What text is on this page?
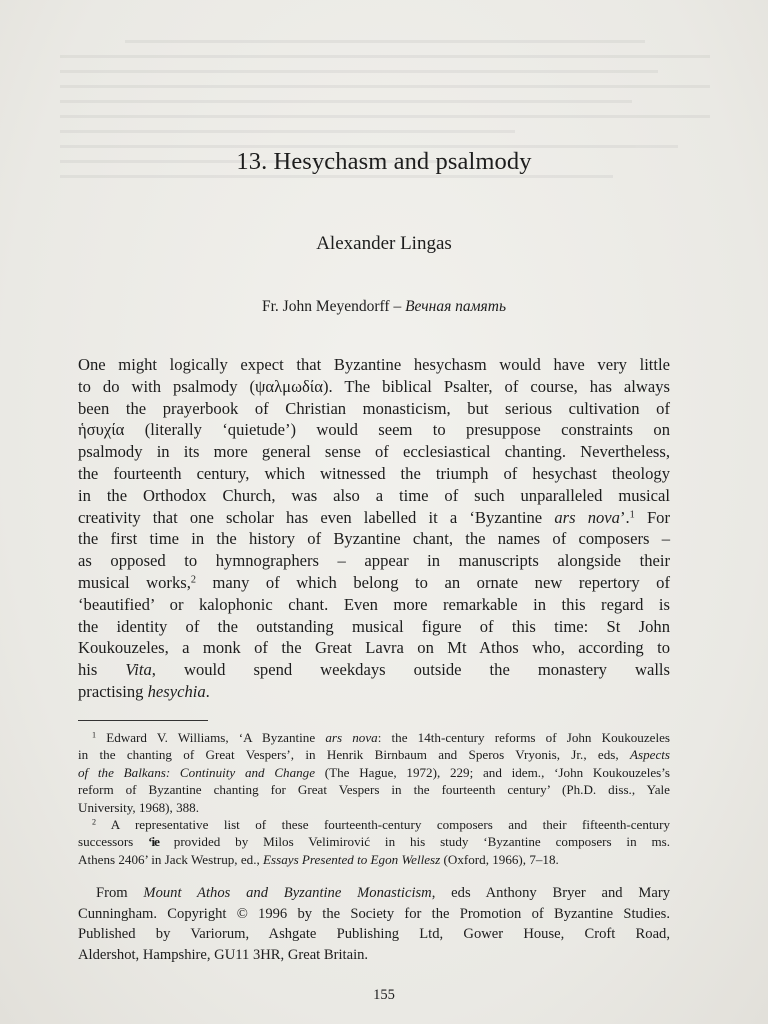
13. Hesychasm and psalmody
Alexander Lingas
Fr. John Meyendorff – Вечная память
One might logically expect that Byzantine hesychasm would have very little
to do with psalmody (ψαλμωδία). The biblical Psalter, of course, has always
been the prayerbook of Christian monasticism, but serious cultivation of
ἡσυχία (literally ‘quietude’) would seem to presuppose constraints on
psalmody in its more general sense of ecclesiastical chanting. Nevertheless,
the fourteenth century, which witnessed the triumph of hesychast theology
in the Orthodox Church, was also a time of such unparalleled musical
creativity that one scholar has even labelled it a ‘Byzantine ars nova’.$^1$ For
the first time in the history of Byzantine chant, the names of composers –
as opposed to hymnographers – appear in manuscripts alongside their
musical works,$^2$ many of which belong to an ornate new repertory of
‘beautified’ or kalophonic chant. Even more remarkable in this regard is
the identity of the outstanding musical figure of this time: St John
Koukouzeles, a monk of the Great Lavra on Mt Athos who, according to
his Vita, would spend weekdays outside the monastery walls
practising hesychia.
$^1$ Edward V. Williams, ‘A Byzantine ars nova: the 14th-century reforms of John Koukouzeles
in the chanting of Great Vespers’, in Henrik Birnbaum and Speros Vryonis, Jr., eds, Aspects
of the Balkans: Continuity and Change (The Hague, 1972), 229; and idem., ‘John Koukouzeles’s
reform of Byzantine chanting for Great Vespers in the fourteenth century’ (Ph.D. diss., Yale
University, 1968), 388.
$^2$ A representative list of these fourteenth-century composers and their fifteenth-century
successors ‘ie provided by Milos Velimirović in his study ‘Byzantine composers in ms.
Athens 2406’ in Jack Westrup, ed., Essays Presented to Egon Wellesz (Oxford, 1966), 7–18.
From Mount Athos and Byzantine Monasticism, eds Anthony Bryer and Mary
Cunningham. Copyright © 1996 by the Society for the Promotion of Byzantine Studies.
Published by Variorum, Ashgate Publishing Ltd, Gower House, Croft Road,
Aldershot, Hampshire, GU11 3HR, Great Britain.
155
